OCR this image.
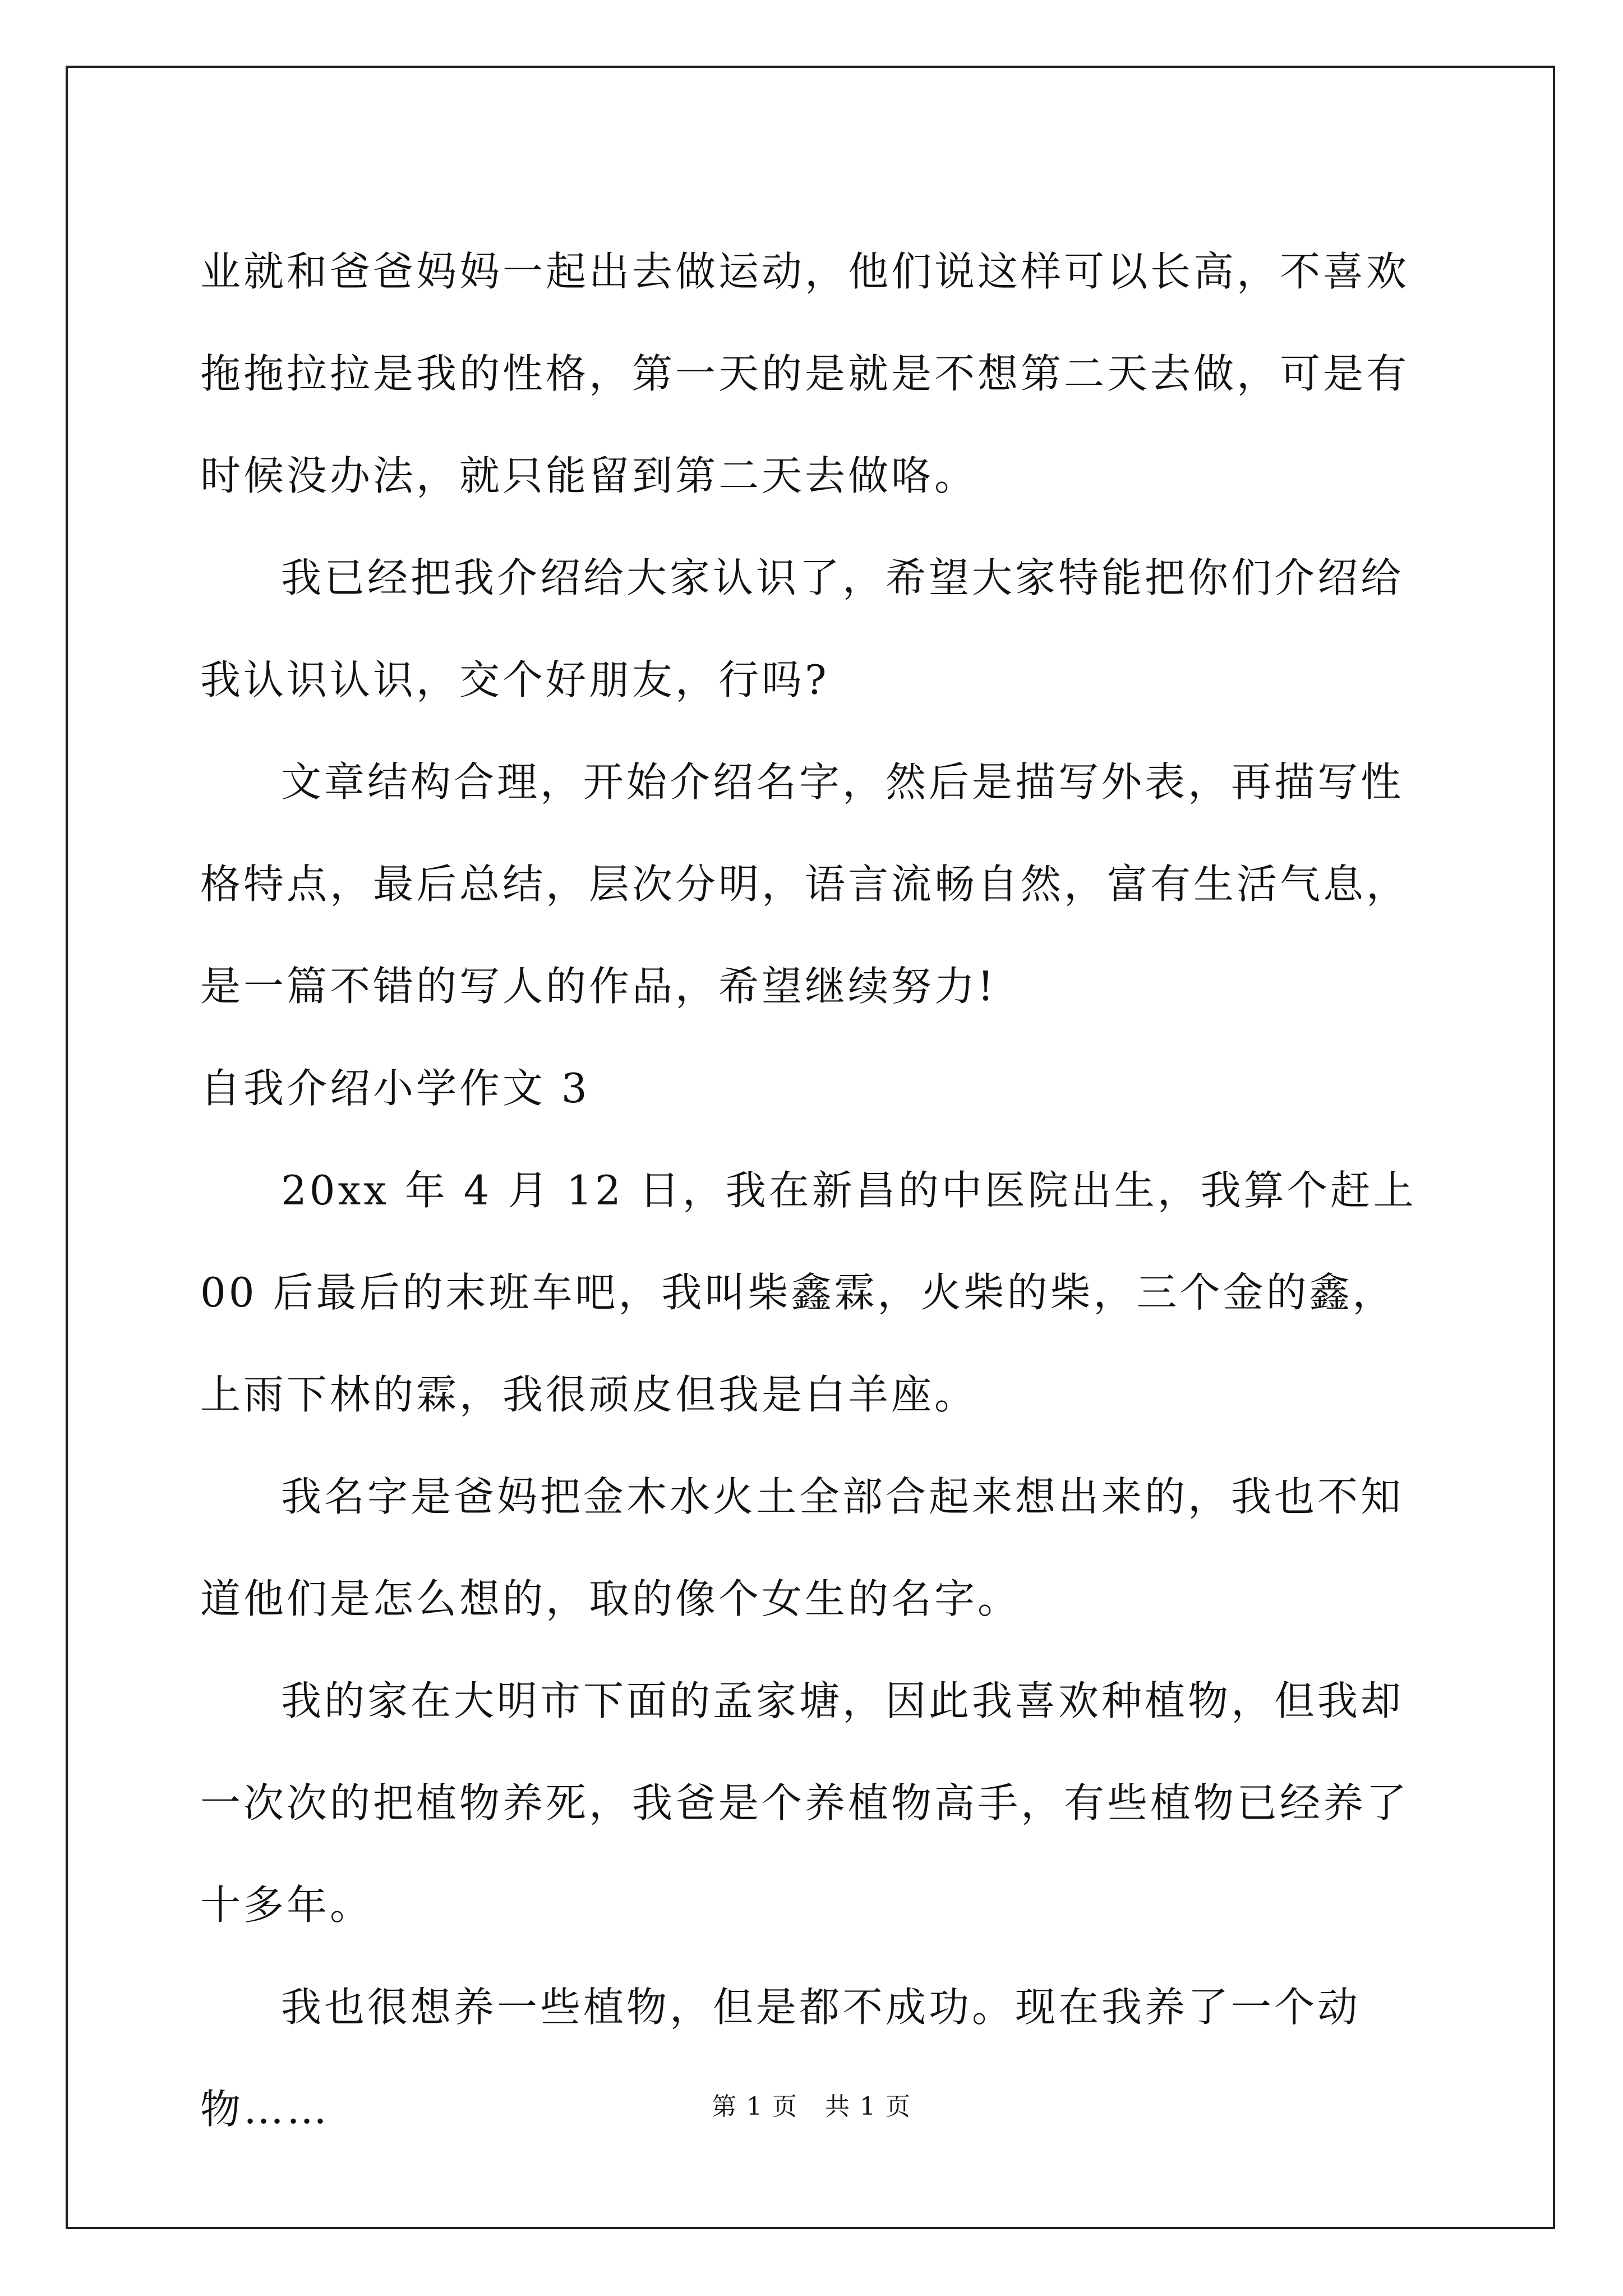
业就和爸爸妈妈一起出去做运动，他们说这样可以长高，不喜欢拖拖拉拉是我的性格，第一天的是就是不想第二天去做，可是有时候没办法，就只能留到第二天去做咯。

我已经把我介绍给大家认识了，希望大家特能把你们介绍给我认识认识，交个好朋友，行吗?

文章结构合理，开始介绍名字，然后是描写外表，再描写性格特点，最后总结，层次分明，语言流畅自然，富有生活气息，是一篇不错的写人的作品，希望继续努力!

自我介绍小学作文 3

20xx 年 4 月 12 日，我在新昌的中医院出生，我算个赶上 00 后最后的末班车吧，我叫柴鑫霖，火柴的柴，三个金的鑫，上雨下林的霖，我很顽皮但我是白羊座。

我名字是爸妈把金木水火土全部合起来想出来的，我也不知道他们是怎么想的，取的像个女生的名字。

我的家在大明市下面的孟家塘，因此我喜欢种植物，但我却一次次的把植物养死，我爸是个养植物高手，有些植物已经养了十多年。

我也很想养一些植物，但是都不成功。现在我养了一个动物……	第 1 页 共 1 页
